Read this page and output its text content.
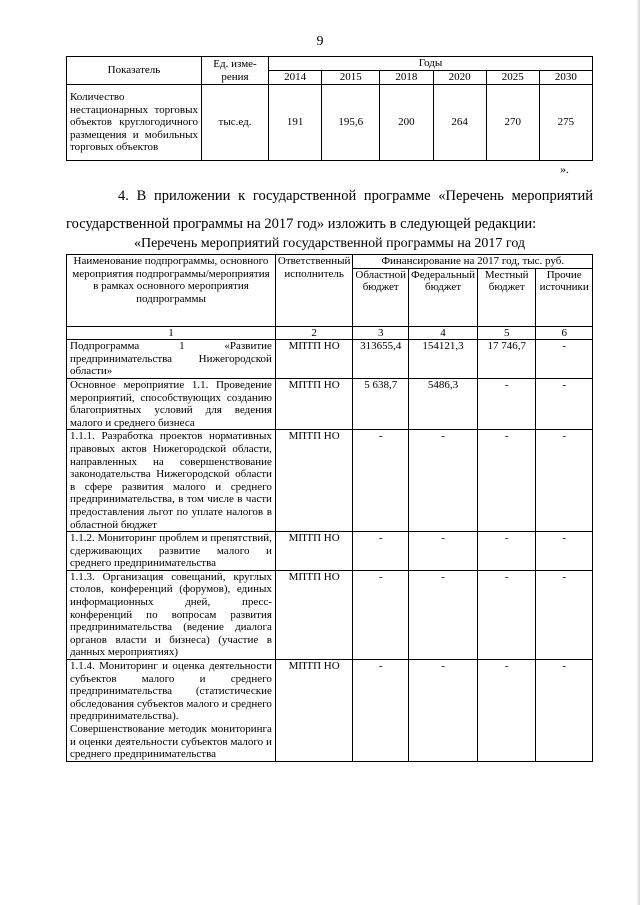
9
Показатель	Ед. изме-рения	Годы					
		2014	2015	2018	2020	2025	2030
Количество нестационарных торговых объектов круглогодичного размещения и мобильных торговых объектов	тыс.ед.	191	195,6	200	264	270	275
».
4. В приложении к государственной программе «Перечень мероприятий государственной программы на 2017 год» изложить в следующей редакции:
«Перечень мероприятий государственной программы на 2017 год
Наименование подпрограммы, основного мероприятия подпрограммы/мероприятия в рамках основного мероприятия подпрограммы	Ответственный исполнитель	Финансирование на 2017 год, тыс. руб.			
		Областной бюджет	Федеральный бюджет	Местный бюджет	Прочие источники
1	2	3	4	5	6
Подпрограмма 1 «Развитие предпринимательства Нижегородской области»	МПТП НО	313655,4	154121,3	17 746,7	-
Основное мероприятие 1.1. Проведение мероприятий, способствующих созданию благоприятных условий для ведения малого и среднего бизнеса	МПТП НО	5 638,7	5486,3	-	-
1.1.1. Разработка проектов нормативных правовых актов Нижегородской области, направленных на совершенствование законодательства Нижегородской области в сфере развития малого и среднего предпринимательства, в том числе в части предоставления льгот по уплате налогов в областной бюджет	МПТП НО	-	-	-	-
1.1.2. Мониторинг проблем и препятствий, сдерживающих развитие малого и среднего предпринимательства	МПТП НО	-	-	-	-
1.1.3. Организация совещаний, круглых столов, конференций (форумов), единых информационных дней, пресс-конференций по вопросам развития предпринимательства (ведение диалога органов власти и бизнеса) (участие в данных мероприятиях)	МПТП НО	-	-	-	-
1.1.4. Мониторинг и оценка деятельности субъектов малого и среднего предпринимательства (статистические обследования субъектов малого и среднего предпринимательства). Совершенствование методик мониторинга и оценки деятельности субъектов малого и среднего предпринимательства	МПТП НО	-	-	-	-
